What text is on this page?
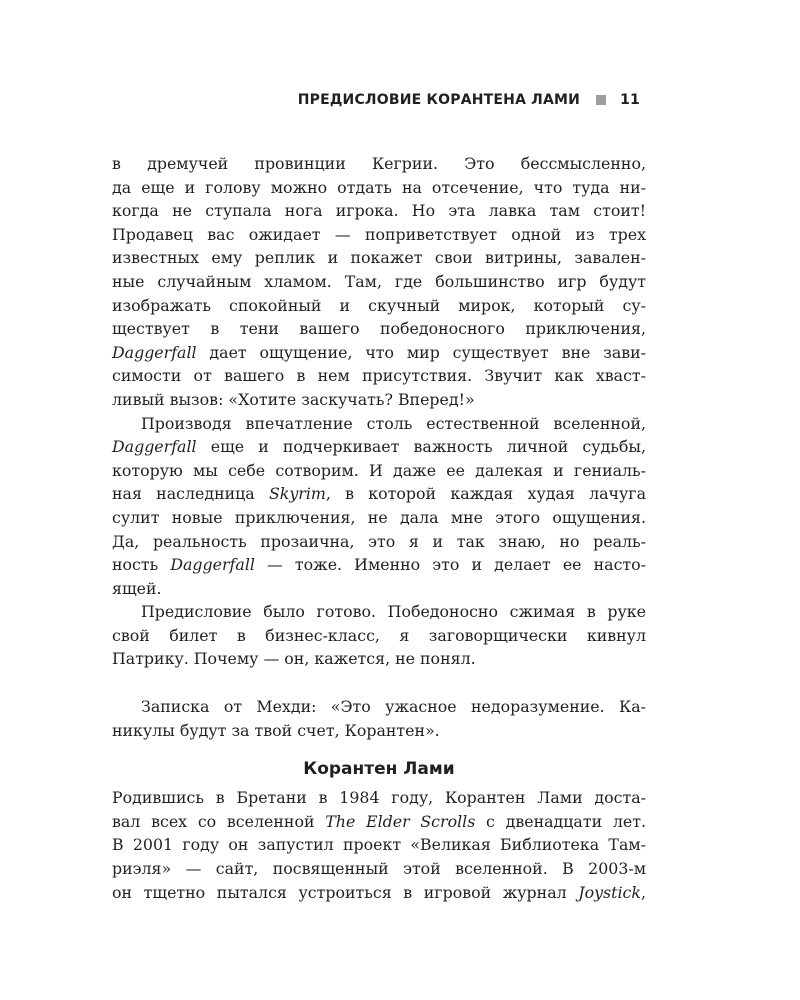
ПРЕДИСЛОВИЕ КОРАНТЕНА ЛАМИ	11

в дремучей провинции Кегрии. Это бессмысленно,

да еще и голову можно отдать на отсечение, что туда ни-

когда не ступала нога игрока. Но эта лавка там стоит!

Продавец вас ожидает — поприветствует одной из трех

известных ему реплик и покажет свои витрины, завален-

ные случайным хламом. Там, где большинство игр будут

изображать спокойный и скучный мирок, который су-

ществует в тени вашего победоносного приключения,

Daggerfall дает ощущение, что мир существует вне зави-

симости от вашего в нем присутствия. Звучит как хваст-

ливый вызов: «Хотите заскучать? Вперед!»

Производя впечатление столь естественной вселенной,

Daggerfall еще и подчеркивает важность личной судьбы,

которую мы себе сотворим. И даже ее далекая и гениаль-

ная наследница Skyrim, в которой каждая худая лачуга

сулит новые приключения, не дала мне этого ощущения.

Да, реальность прозаична, это я и так знаю, но реаль-

ность Daggerfall — тоже. Именно это и делает ее насто-

ящей.

Предисловие было готово. Победоносно сжимая в руке

свой билет в бизнес-класс, я заговорщически кивнул

Патрику. Почему — он, кажется, не понял.

Записка от Мехди: «Это ужасное недоразумение. Ка-

никулы будут за твой счет, Корантен».

Корантен Лами

Родившись в Бретани в 1984 году, Корантен Лами доста-

вал всех со вселенной The Elder Scrolls с двенадцати лет.

В 2001 году он запустил проект «Великая Библиотека Там-

риэля» — сайт, посвященный этой вселенной. В 2003-м

он тщетно пытался устроиться в игровой журнал Joystick,
